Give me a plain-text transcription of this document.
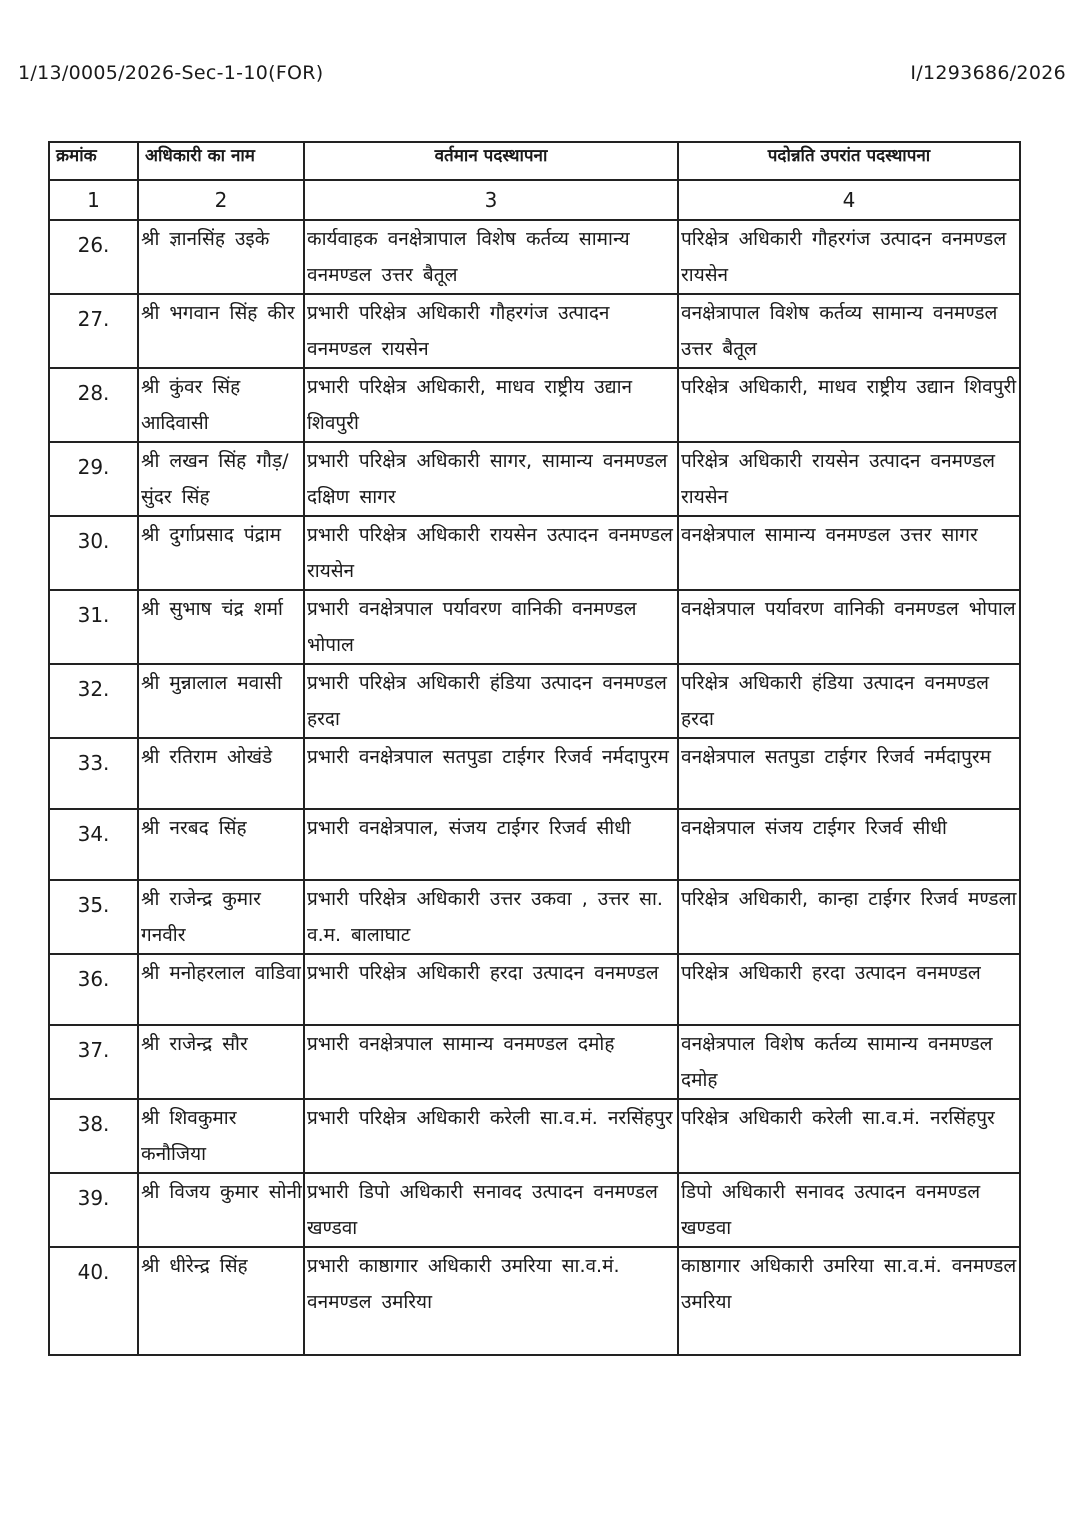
1/13/0005/2026-Sec-1-10(FOR)	I/1293686/2026
क्रमांक	अधिकारी का नाम	वर्तमान पदस्थापना	पदोन्नति उपरांत पदस्थापना
1	2	3	4
26.	श्री ज्ञानसिंह उइके	कार्यवाहक वनक्षेत्रापाल विशेष कर्तव्य सामान्य वनमण्डल उत्तर बैतूल	परिक्षेत्र अधिकारी गौहरगंज उत्पादन वनमण्डल रायसेन
27.	श्री भगवान सिंह कीर	प्रभारी परिक्षेत्र अधिकारी गौहरगंज उत्पादन वनमण्डल रायसेन	वनक्षेत्रापाल विशेष कर्तव्य सामान्य वनमण्डल उत्तर बैतूल
28.	श्री कुंवर सिंह आदिवासी	प्रभारी परिक्षेत्र अधिकारी, माधव राष्ट्रीय उद्यान शिवपुरी	परिक्षेत्र अधिकारी, माधव राष्ट्रीय उद्यान शिवपुरी
29.	श्री लखन सिंह गौड़/सुंदर सिंह	प्रभारी परिक्षेत्र अधिकारी सागर, सामान्य वनमण्डल दक्षिण सागर	परिक्षेत्र अधिकारी रायसेन उत्पादन वनमण्डल रायसेन
30.	श्री दुर्गाप्रसाद पंद्राम	प्रभारी परिक्षेत्र अधिकारी रायसेन उत्पादन वनमण्डल रायसेन	वनक्षेत्रपाल सामान्य वनमण्डल उत्तर सागर
31.	श्री सुभाष चंद्र शर्मा	प्रभारी वनक्षेत्रपाल पर्यावरण वानिकी वनमण्डल भोपाल	वनक्षेत्रपाल पर्यावरण वानिकी वनमण्डल भोपाल
32.	श्री मुन्नालाल मवासी	प्रभारी परिक्षेत्र अधिकारी हंडिया उत्पादन वनमण्डल हरदा	परिक्षेत्र अधिकारी हंडिया उत्पादन वनमण्डल हरदा
33.	श्री रतिराम ओखंडे	प्रभारी वनक्षेत्रपाल सतपुडा टाईगर रिजर्व नर्मदापुरम	वनक्षेत्रपाल सतपुडा टाईगर रिजर्व नर्मदापुरम
34.	श्री नरबद सिंह	प्रभारी वनक्षेत्रपाल, संजय टाईगर रिजर्व सीधी	वनक्षेत्रपाल संजय टाईगर रिजर्व सीधी
35.	श्री राजेन्द्र कुमार गनवीर	प्रभारी परिक्षेत्र अधिकारी उत्तर उकवा , उत्तर सा. व.म. बालाघाट	परिक्षेत्र अधिकारी, कान्हा टाईगर रिजर्व मण्डला
36.	श्री मनोहरलाल वाडिवा	प्रभारी परिक्षेत्र अधिकारी हरदा उत्पादन वनमण्डल	परिक्षेत्र अधिकारी हरदा उत्पादन वनमण्डल
37.	श्री राजेन्द्र सौर	प्रभारी वनक्षेत्रपाल सामान्य वनमण्डल दमोह	वनक्षेत्रपाल विशेष कर्तव्य सामान्य वनमण्डल दमोह
38.	श्री शिवकुमार कनौजिया	प्रभारी परिक्षेत्र अधिकारी करेली सा.व.मं. नरसिंहपुर	परिक्षेत्र अधिकारी करेली सा.व.मं. नरसिंहपुर
39.	श्री विजय कुमार सोनी	प्रभारी डिपो अधिकारी सनावद उत्पादन वनमण्डल खण्डवा	डिपो अधिकारी सनावद उत्पादन वनमण्डल खण्डवा
40.	श्री धीरेन्द्र सिंह	प्रभारी काष्ठागार अधिकारी उमरिया सा.व.मं. वनमण्डल उमरिया	काष्ठागार अधिकारी उमरिया सा.व.मं. वनमण्डल उमरिया
